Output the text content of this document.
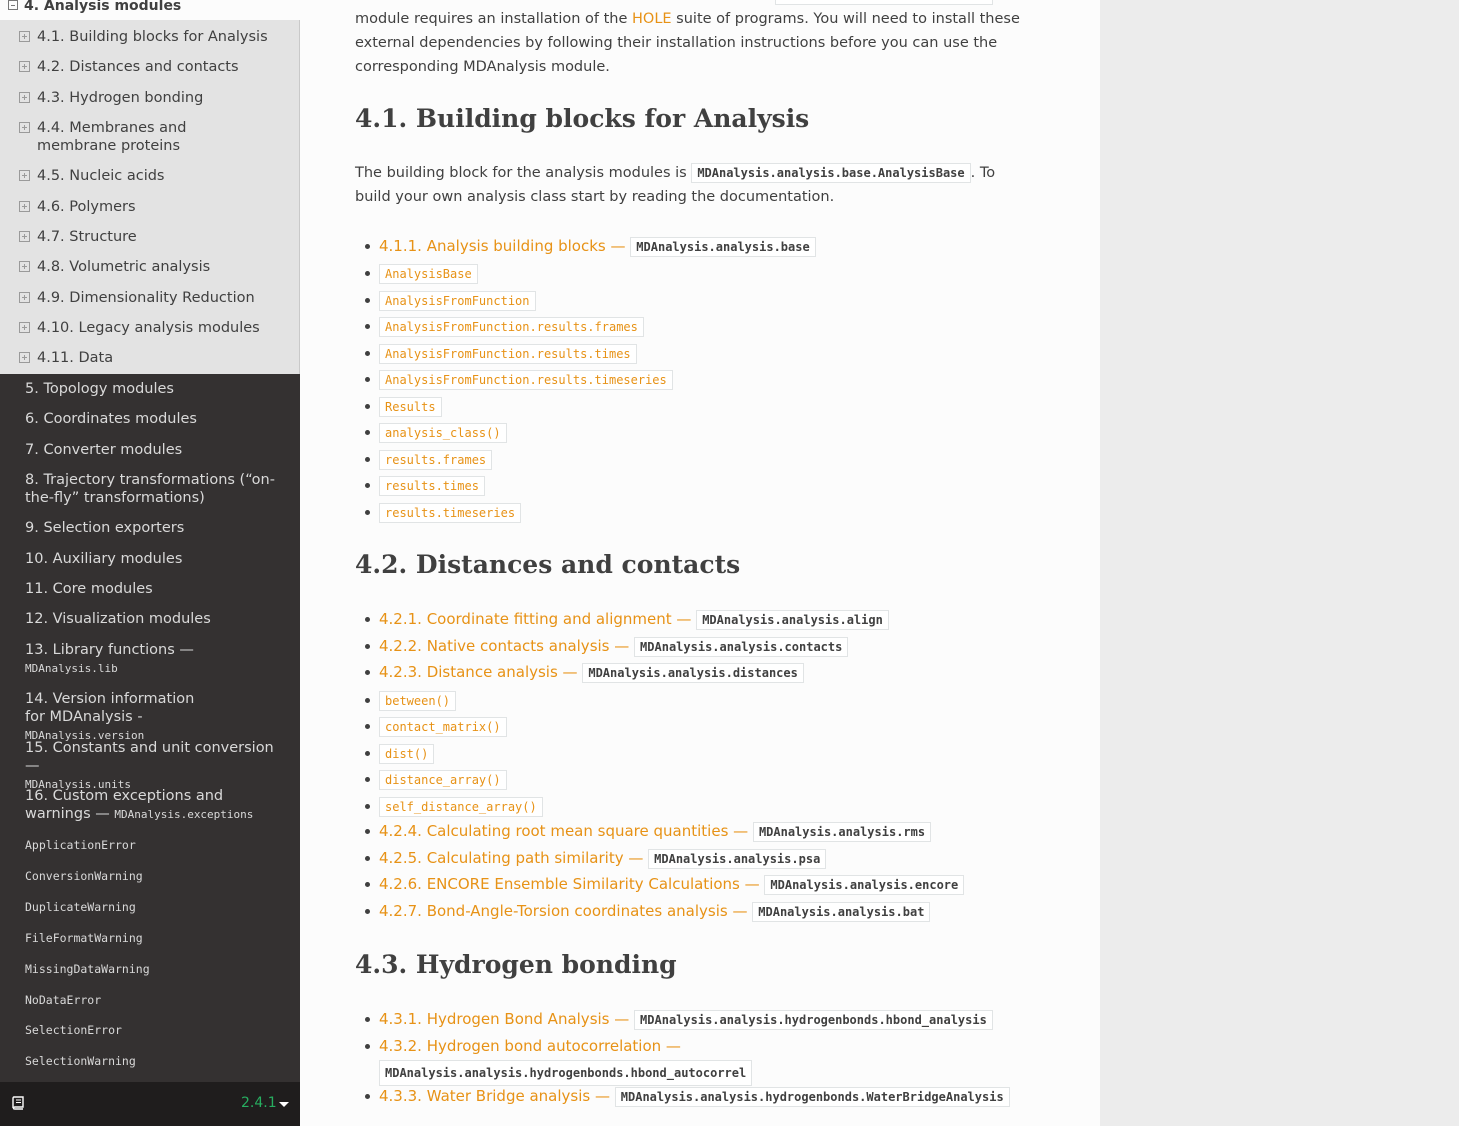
4. Analysis modules
4.1. Building blocks for Analysis
4.2. Distances and contacts
4.3. Hydrogen bonding
4.4. Membranes and membrane proteins
4.5. Nucleic acids
4.6. Polymers
4.7. Structure
4.8. Volumetric analysis
4.9. Dimensionality Reduction
4.10. Legacy analysis modules
4.11. Data
5. Topology modules
6. Coordinates modules
7. Converter modules
8. Trajectory transformations (“on-the-fly” transformations)
9. Selection exporters
10. Auxiliary modules
11. Core modules
12. Visualization modules
13. Library functions —
MDAnalysis.lib
14. Version information for MDAnalysis - MDAnalysis.version
15. Constants and unit conversion —
MDAnalysis.units
16. Custom exceptions and warnings — MDAnalysis.exceptions
ApplicationError
ConversionWarning
DuplicateWarning
FileFormatWarning
MissingDataWarning
NoDataError
SelectionError
SelectionWarning
2.4.1

module requires an installation of the HOLE suite of programs. You will need to install these external dependencies by following their installation instructions before you can use the corresponding MDAnalysis module.

4.1. Building blocks for Analysis

The building block for the analysis modules is MDAnalysis.analysis.base.AnalysisBase . To build your own analysis class start by reading the documentation.

4.1.1. Analysis building blocks — MDAnalysis.analysis.base
AnalysisBase
AnalysisFromFunction
AnalysisFromFunction.results.frames
AnalysisFromFunction.results.times
AnalysisFromFunction.results.timeseries
Results
analysis_class()
results.frames
results.times
results.timeseries
4.2. Distances and contacts
4.2.1. Coordinate fitting and alignment — MDAnalysis.analysis.align
4.2.2. Native contacts analysis — MDAnalysis.analysis.contacts
4.2.3. Distance analysis — MDAnalysis.analysis.distances
between()
contact_matrix()
dist()
distance_array()
self_distance_array()
4.2.4. Calculating root mean square quantities — MDAnalysis.analysis.rms
4.2.5. Calculating path similarity — MDAnalysis.analysis.psa
4.2.6. ENCORE Ensemble Similarity Calculations — MDAnalysis.analysis.encore
4.2.7. Bond-Angle-Torsion coordinates analysis — MDAnalysis.analysis.bat
4.3. Hydrogen bonding
4.3.1. Hydrogen Bond Analysis — MDAnalysis.analysis.hydrogenbonds.hbond_analysis
4.3.2. Hydrogen bond autocorrelation —
MDAnalysis.analysis.hydrogenbonds.hbond_autocorrel
4.3.3. Water Bridge analysis — MDAnalysis.analysis.hydrogenbonds.WaterBridgeAnalysis
